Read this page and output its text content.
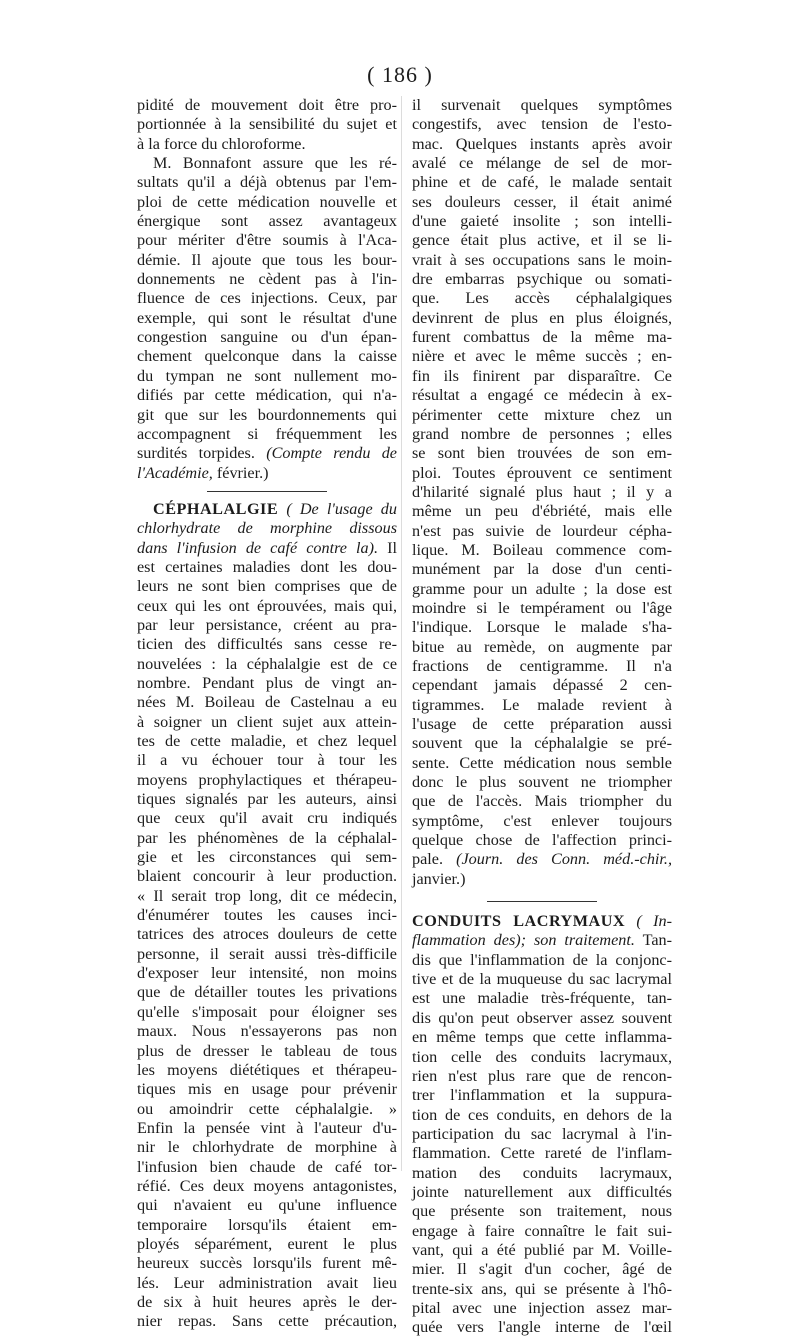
( 186 )
pidité de mouvement doit être pro-
portionnée à la sensibilité du sujet et
à la force du chloroforme.
M. Bonnafont assure que les ré-
sultats qu'il a déjà obtenus par l'em-
ploi de cette médication nouvelle et
énergique sont assez avantageux
pour mériter d'être soumis à l'Aca-
démie. Il ajoute que tous les bour-
donnements ne cèdent pas à l'in-
fluence de ces injections. Ceux, par
exemple, qui sont le résultat d'une
congestion sanguine ou d'un épan-
chement quelconque dans la caisse
du tympan ne sont nullement mo-
difiés par cette médication, qui n'a-
git que sur les bourdonnements qui
accompagnent si fréquemment les
surdités torpides. (Compte rendu de
l'Académie, février.)
CÉPHALALGIE ( De l'usage du
chlorhydrate de morphine dissous
dans l'infusion de café contre la). Il
est certaines maladies dont les dou-
leurs ne sont bien comprises que de
ceux qui les ont éprouvées, mais qui,
par leur persistance, créent au pra-
ticien des difficultés sans cesse re-
nouvelées : la céphalalgie est de ce
nombre. Pendant plus de vingt an-
nées M. Boileau de Castelnau a eu
à soigner un client sujet aux attein-
tes de cette maladie, et chez lequel
il a vu échouer tour à tour les
moyens prophylactiques et thérapeu-
tiques signalés par les auteurs, ainsi
que ceux qu'il avait cru indiqués
par les phénomènes de la céphalal-
gie et les circonstances qui sem-
blaient concourir à leur production.
« Il serait trop long, dit ce médecin,
d'énumérer toutes les causes inci-
tatrices des atroces douleurs de cette
personne, il serait aussi très-difficile
d'exposer leur intensité, non moins
que de détailler toutes les privations
qu'elle s'imposait pour éloigner ses
maux. Nous n'essayerons pas non
plus de dresser le tableau de tous
les moyens diététiques et thérapeu-
tiques mis en usage pour prévenir
ou amoindrir cette céphalalgie. »
Enfin la pensée vint à l'auteur d'u-
nir le chlorhydrate de morphine à
l'infusion bien chaude de café tor-
réfié. Ces deux moyens antagonistes,
qui n'avaient eu qu'une influence
temporaire lorsqu'ils étaient em-
ployés séparément, eurent le plus
heureux succès lorsqu'ils furent mê-
lés. Leur administration avait lieu
de six à huit heures après le der-
nier repas. Sans cette précaution,
il survenait quelques symptômes
congestifs, avec tension de l'esto-
mac. Quelques instants après avoir
avalé ce mélange de sel de mor-
phine et de café, le malade sentait
ses douleurs cesser, il était animé
d'une gaieté insolite ; son intelli-
gence était plus active, et il se li-
vrait à ses occupations sans le moin-
dre embarras psychique ou somati-
que. Les accès céphalalgiques
devinrent de plus en plus éloignés,
furent combattus de la même ma-
nière et avec le même succès ; en-
fin ils finirent par disparaître. Ce
résultat a engagé ce médecin à ex-
périmenter cette mixture chez un
grand nombre de personnes ; elles
se sont bien trouvées de son em-
ploi. Toutes éprouvent ce sentiment
d'hilarité signalé plus haut ; il y a
même un peu d'ébriété, mais elle
n'est pas suivie de lourdeur cépha-
lique. M. Boileau commence com-
munément par la dose d'un centi-
gramme pour un adulte ; la dose est
moindre si le tempérament ou l'âge
l'indique. Lorsque le malade s'ha-
bitue au remède, on augmente par
fractions de centigramme. Il n'a
cependant jamais dépassé 2 cen-
tigrammes. Le malade revient à
l'usage de cette préparation aussi
souvent que la céphalalgie se pré-
sente. Cette médication nous semble
donc le plus souvent ne triompher
que de l'accès. Mais triompher du
symptôme, c'est enlever toujours
quelque chose de l'affection princi-
pale. (Journ. des Conn. méd.-chir.,
janvier.)
CONDUITS LACRYMAUX ( In-
flammation des); son traitement. Tan-
dis que l'inflammation de la conjonc-
tive et de la muqueuse du sac lacrymal
est une maladie très-fréquente, tan-
dis qu'on peut observer assez souvent
en même temps que cette inflamma-
tion celle des conduits lacrymaux,
rien n'est plus rare que de rencon-
trer l'inflammation et la suppura-
tion de ces conduits, en dehors de la
participation du sac lacrymal à l'in-
flammation. Cette rareté de l'inflam-
mation des conduits lacrymaux,
jointe naturellement aux difficultés
que présente son traitement, nous
engage à faire connaître le fait sui-
vant, qui a été publié par M. Voille-
mier. Il s'agit d'un cocher, âgé de
trente-six ans, qui se présente à l'hô-
pital avec une injection assez mar-
quée vers l'angle interne de l'œil
